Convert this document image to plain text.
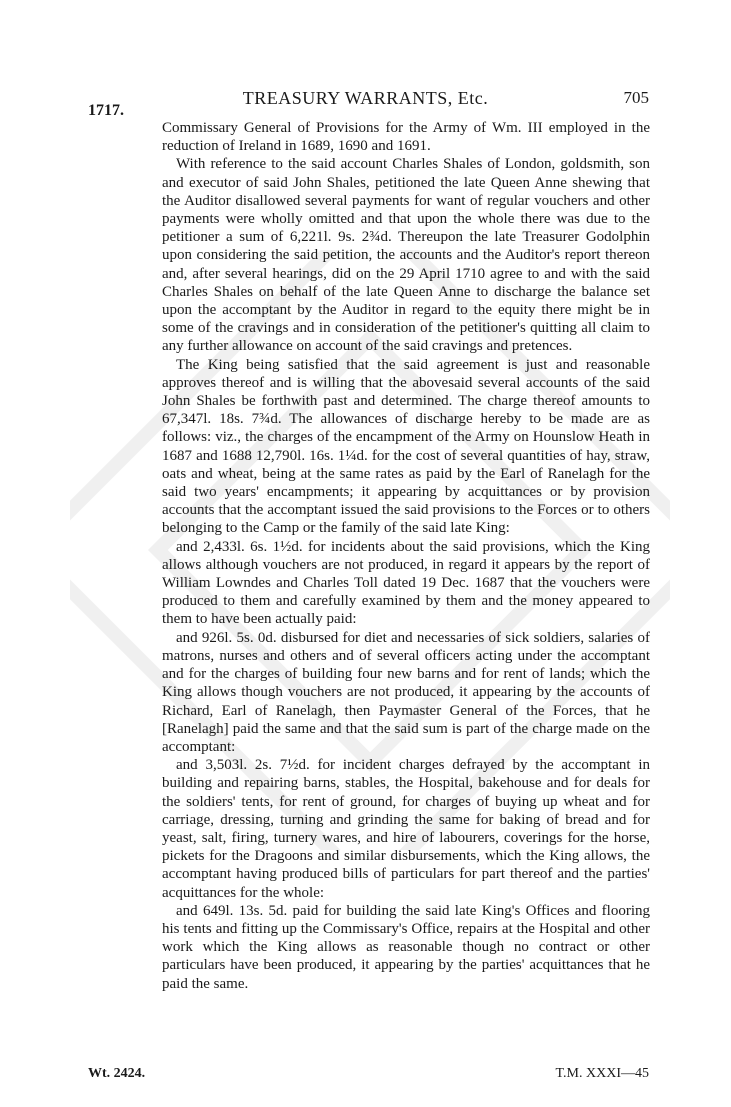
TREASURY WARRANTS, Etc.	705
1717.

Commissary General of Provisions for the Army of Wm. III employed in the reduction of Ireland in 1689, 1690 and 1691.

With reference to the said account Charles Shales of London, goldsmith, son and executor of said John Shales, petitioned the late Queen Anne shewing that the Auditor disallowed several payments for want of regular vouchers and other payments were wholly omitted and that upon the whole there was due to the petitioner a sum of 6,221l. 9s. 2¾d. Thereupon the late Treasurer Godolphin upon considering the said petition, the accounts and the Auditor's report thereon and, after several hearings, did on the 29 April 1710 agree to and with the said Charles Shales on behalf of the late Queen Anne to discharge the balance set upon the accomptant by the Auditor in regard to the equity there might be in some of the cravings and in consideration of the petitioner's quitting all claim to any further allowance on account of the said cravings and pretences.

The King being satisfied that the said agreement is just and reasonable approves thereof and is willing that the abovesaid several accounts of the said John Shales be forthwith past and determined. The charge thereof amounts to 67,347l. 18s. 7¾d. The allowances of discharge hereby to be made are as follows: viz., the charges of the encampment of the Army on Hounslow Heath in 1687 and 1688 12,790l. 16s. 1¼d. for the cost of several quantities of hay, straw, oats and wheat, being at the same rates as paid by the Earl of Ranelagh for the said two years' encampments; it appearing by acquittances or by provision accounts that the accomptant issued the said provisions to the Forces or to others belonging to the Camp or the family of the said late King:

and 2,433l. 6s. 1½d. for incidents about the said provisions, which the King allows although vouchers are not produced, in regard it appears by the report of William Lowndes and Charles Toll dated 19 Dec. 1687 that the vouchers were produced to them and carefully examined by them and the money appeared to them to have been actually paid:

and 926l. 5s. 0d. disbursed for diet and necessaries of sick soldiers, salaries of matrons, nurses and others and of several officers acting under the accomptant and for the charges of building four new barns and for rent of lands; which the King allows though vouchers are not produced, it appearing by the accounts of Richard, Earl of Ranelagh, then Paymaster General of the Forces, that he [Ranelagh] paid the same and that the said sum is part of the charge made on the accomptant:

and 3,503l. 2s. 7½d. for incident charges defrayed by the accomptant in building and repairing barns, stables, the Hospital, bakehouse and for deals for the soldiers' tents, for rent of ground, for charges of buying up wheat and for carriage, dressing, turning and grinding the same for baking of bread and for yeast, salt, firing, turnery wares, and hire of labourers, coverings for the horse, pickets for the Dragoons and similar disbursements, which the King allows, the accomptant having produced bills of particulars for part thereof and the parties' acquittances for the whole:

and 649l. 13s. 5d. paid for building the said late King's Offices and flooring his tents and fitting up the Commissary's Office, repairs at the Hospital and other work which the King allows as reasonable though no contract or other particulars have been produced, it appearing by the parties' acquittances that he paid the same.

Wt. 2424.	T.M. XXXI—45
